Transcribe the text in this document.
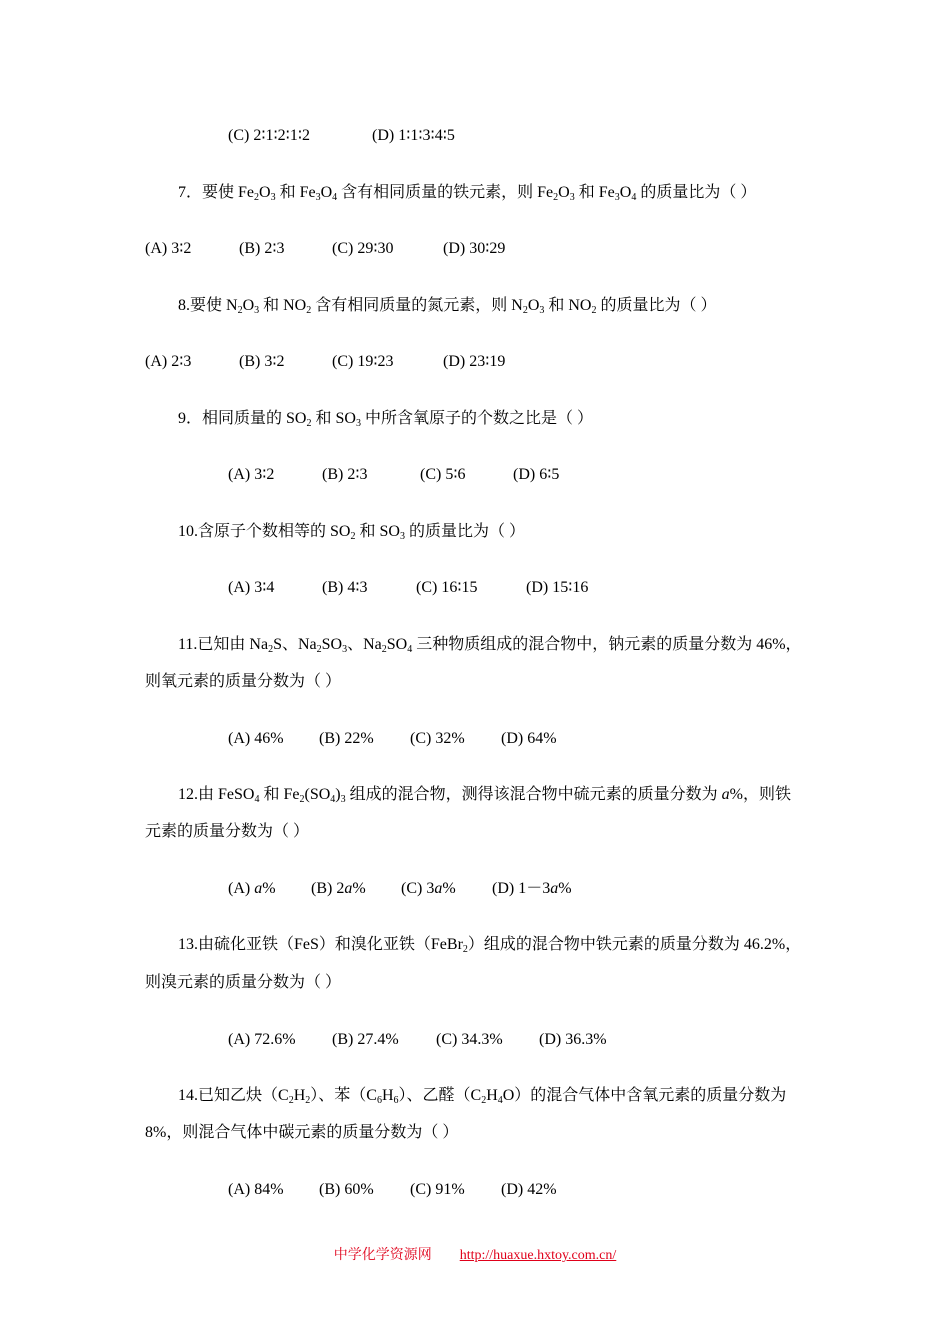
(C) 2∶1∶2∶1∶2	(D) 1∶1∶3∶4∶5
7．要使 $Fe_2O_3$ 和 $Fe_3O_4$ 含有相同质量的铁元素，则 $Fe_2O_3$ 和 $Fe_3O_4$ 的质量比为（ ）
(A) 3∶2	(B) 2∶3	(C) 29∶30	(D) 30∶29
8.要使 $N_2O_3$ 和 $NO_2$ 含有相同质量的氮元素，则 $N_2O_3$ 和 $NO_2$ 的质量比为（ ）
(A) 2∶3	(B) 3∶2	(C) 19∶23	(D) 23∶19
9．相同质量的 $SO_2$ 和 $SO_3$ 中所含氧原子的个数之比是（ ）
(A) 3∶2	(B) 2∶3	(C) 5∶6	(D) 6∶5
10.含原子个数相等的 $SO_2$ 和 $SO_3$ 的质量比为（ ）
(A) 3∶4	(B) 4∶3	(C) 16∶15	(D) 15∶16
11.已知由 $Na_2S$、$Na_2SO_3$、$Na_2SO_4$ 三种物质组成的混合物中，钠元素的质量分数为 46%，
则氧元素的质量分数为（ ）
(A) 46% (B) 22% (C) 32% (D) 64%
12.由 FeSO$_4$ 和 $Fe_2(SO_4)_3$ 组成的混合物，测得该混合物中硫元素的质量分数为 a%，则铁
元素的质量分数为（ ）
(A) a% (B) 2a% (C) 3a% (D) 1－3a%
13.由硫化亚铁（FeS）和溴化亚铁（FeBr$_2$）组成的混合物中铁元素的质量分数为 46.2%，
则溴元素的质量分数为（ ）
(A) 72.6% (B) 27.4% (C) 34.3% (D) 36.3%
14.已知乙炔$(C_2H_2)$、苯$(C_6H_6)$、乙醛$(C_2H_4O)$的混合气体中含氧元素的质量分数为
8%，则混合气体中碳元素的质量分数为（ ）
(A) 84% (B) 60% (C) 91% (D) 42%
中学化学资源网 http://huaxue.hxtoy.com.cn/
